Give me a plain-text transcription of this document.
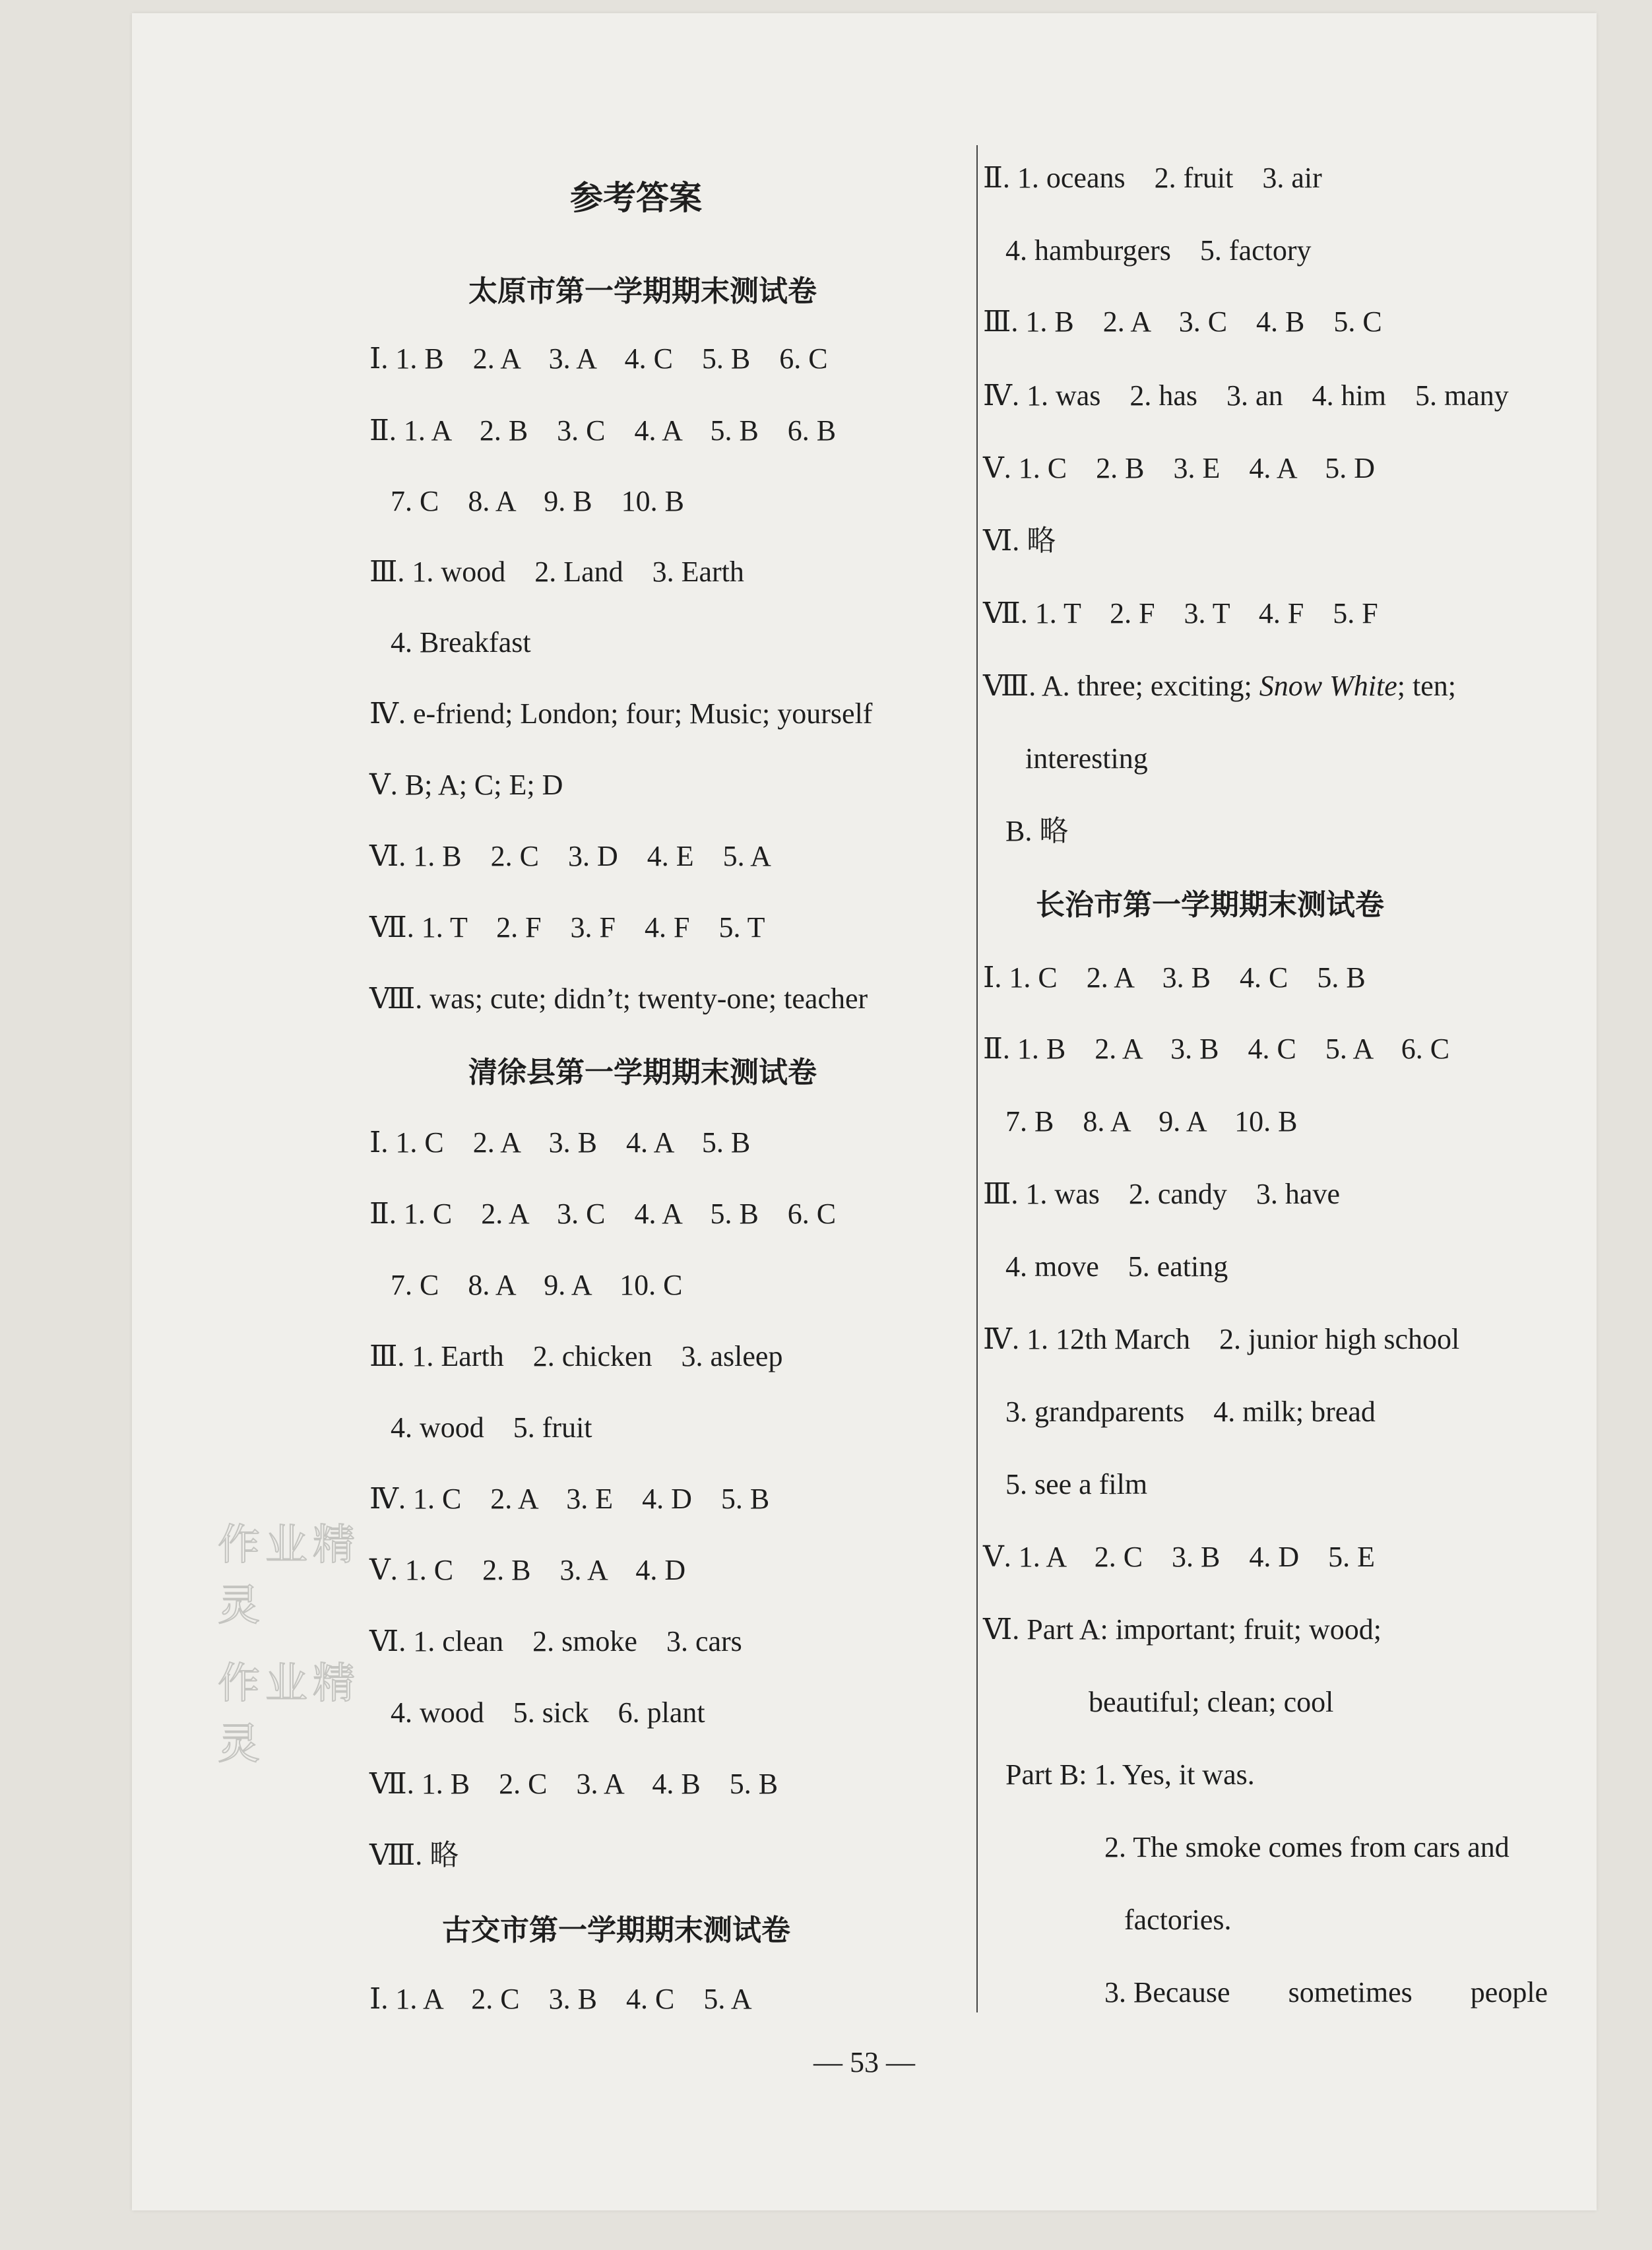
作业精灵
作业精灵
参考答案
太原市第一学期期末测试卷
Ⅰ. 1. B　2. A　3. A　4. C　5. B　6. C
Ⅱ. 1. A　2. B　3. C　4. A　5. B　6. B
7. C　8. A　9. B　10. B
Ⅲ. 1. wood　2. Land　3. Earth
4. Breakfast
Ⅳ. e-friend; London; four; Music; yourself
Ⅴ. B; A; C; E; D
Ⅵ. 1. B　2. C　3. D　4. E　5. A
Ⅶ. 1. T　2. F　3. F　4. F　5. T
Ⅷ. was; cute; didn’t; twenty-one; teacher
清徐县第一学期期末测试卷
Ⅰ. 1. C　2. A　3. B　4. A　5. B
Ⅱ. 1. C　2. A　3. C　4. A　5. B　6. C
7. C　8. A　9. A　10. C
Ⅲ. 1. Earth　2. chicken　3. asleep
4. wood　5. fruit
Ⅳ. 1. C　2. A　3. E　4. D　5. B
Ⅴ. 1. C　2. B　3. A　4. D
Ⅵ. 1. clean　2. smoke　3. cars
4. wood　5. sick　6. plant
Ⅶ. 1. B　2. C　3. A　4. B　5. B
Ⅷ. 略
古交市第一学期期末测试卷
Ⅰ. 1. A　2. C　3. B　4. C　5. A
Ⅱ. 1. oceans　2. fruit　3. air
4. hamburgers　5. factory
Ⅲ. 1. B　2. A　3. C　4. B　5. C
Ⅳ. 1. was　2. has　3. an　4. him　5. many
Ⅴ. 1. C　2. B　3. E　4. A　5. D
Ⅵ. 略
Ⅶ. 1. T　2. F　3. T　4. F　5. F
Ⅷ. A. three; exciting; Snow White; ten;
interesting
B. 略
长治市第一学期期末测试卷
Ⅰ. 1. C　2. A　3. B　4. C　5. B
Ⅱ. 1. B　2. A　3. B　4. C　5. A　6. C
7. B　8. A　9. A　10. B
Ⅲ. 1. was　2. candy　3. have
4. move　5. eating
Ⅳ. 1. 12th March　2. junior high school
3. grandparents　4. milk; bread
5. see a film
Ⅴ. 1. A　2. C　3. B　4. D　5. E
Ⅵ. Part A: important; fruit; wood;
beautiful; clean; cool
Part B: 1. Yes, it was.
2. The smoke comes from cars and
factories.
3. Because　　sometimes　　people
— 53 —
